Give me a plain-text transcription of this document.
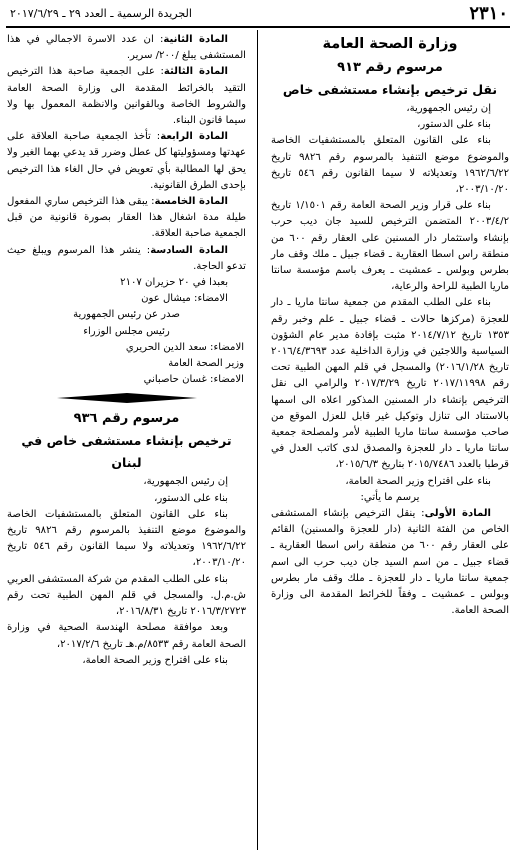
٢٣١٠
الجريدة الرسمية ـ العدد ٢٩ ـ ٢٠١٧/٦/٢٩

وزارة الصحة العامة

مرسوم رقم ٩١٣

نقل ترخيص بإنشاء مستشفى خاص

إن رئيس الجمهورية،

بناء على الدستور،

بناء على القانون المتعلق بالمستشفيات الخاصة والموضوع موضع التنفيذ بالمرسوم رقم ٩٨٢٦ تاريخ ١٩٦٢/٦/٢٢ وتعديلاته لا سيما القانون رقم ٥٤٦ تاريخ ٢٠٠٣/١٠/٢٠،

بناء على قرار وزير الصحة العامة رقم ١/١٥٠١ تاريخ ٢٠٠٣/٤/٢ المتضمن الترخيص للسيد جان ديب حرب بإنشاء واستثمار دار المسنين على العقار رقم ٦٠٠ من منطقة راس اسطا العقارية ـ قضاء جبيل ـ ملك وقف مار بطرس وبولس ـ عمشيت ـ يعرف باسم مؤسسة سانتا ماريا الطبية للراحة والرعاية،

بناء على الطلب المقدم من جمعية سانتا ماريا ـ دار للعجزة (مركزها حالات ـ قضاء جبيل ـ علم وخبر رقم ١٣٥٣ تاريخ ٢٠١٤/٧/١٢ مثبت بإفادة مدير عام الشؤون السياسية واللاجئين في وزارة الداخلية عدد ٢٠١٦/٤/٣٦٩٣ تاريخ ٢٠١٦/١/٢٨) والمسجل في قلم المهن الطبية تحت رقم ٢٠١٧/١١٩٩٨ تاريخ ٢٠١٧/٣/٢٩ والرامي الى نقل الترخيص بإنشاء دار المسنين المذكور اعلاه الى اسمها بالاستناد الى تنازل وتوكيل غير قابل للعزل الموقع من صاحب مؤسسة سانتا ماريا الطبية لأمر ولمصلحة جمعية سانتا ماريا ـ دار للعجزة والمصدق لدى كاتب العدل في قرطبا بالعدد ٢٠١٥/٧٤٨٦ بتاريخ ٢٠١٥/٦/٣،

بناء على اقتراح وزير الصحة العامة،

يرسم ما يأتي:

المادة الأولى: ينقل الترخيص بإنشاء المستشفى الخاص من الفئة الثانية (دار للعجزة والمسنين) القائم على العقار رقم ٦٠٠ من منطقة راس اسطا العقارية ـ قضاء جبيل ـ من اسم السيد جان ديب حرب الى اسم جمعية سانتا ماريا ـ دار للعجزة ـ ملك وقف مار بطرس وبولس ـ عمشيت ـ وفقاً للخرائط المقدمة الى وزارة الصحة العامة.

المادة الثانية: ان عدد الاسرة الاجمالي في هذا المستشفى يبلغ /٢٠٠/ سرير.

المادة الثالثة: على الجمعية صاحبة هذا الترخيص التقيد بالخرائط المقدمة الى وزارة الصحة العامة والشروط الخاصة وبالقوانين والانظمة المعمول بها ولا سيما قانون البناء.

المادة الرابعة: تأخذ الجمعية صاحبة العلاقة على عهدتها ومسؤوليتها كل عطل وضرر قد يدعي بهما الغير ولا يحق لها المطالبة بأي تعويض في حال الغاء هذا الترخيص بإحدى الطرق القانونية.

المادة الخامسة: يبقى هذا الترخيص ساري المفعول طيلة مدة اشغال هذا العقار بصورة قانونية من قبل الجمعية صاحبة العلاقة.

المادة السادسة: ينشر هذا المرسوم ويبلغ حيث تدعو الحاجة.

بعبدا في ٢٠ حزيران ٢١٠٧

الامضاء: ميشال عون

صدر عن رئيس الجمهورية

رئيس مجلس الوزراء

الامضاء: سعد الدين الحريري

وزير الصحة العامة

الامضاء: غسان حاصباني

مرسوم رقم ٩٣٦

ترخيص بإنشاء مستشفى خاص في لبنان

إن رئيس الجمهورية،

بناء على الدستور،

بناء على القانون المتعلق بالمستشفيات الخاصة والموضوع موضع التنفيذ بالمرسوم رقم ٩٨٢٦ تاريخ ١٩٦٢/٦/٢٢ وتعديلاته ولا سيما القانون رقم ٥٤٦ تاريخ ٢٠٠٣/١٠/٢٠،

بناء على الطلب المقدم من شركة المستشفى العربي ش.م.ل. والمسجل في قلم المهن الطبية تحت رقم ٢٠١٦/٣/٢٧٢٣ تاريخ ٢٠١٦/٨/٣١،

وبعد موافقة مصلحة الهندسة الصحية في وزارة الصحة العامة رقم ٨٥٣٣/م.هـ تاريخ ٢٠١٧/٢/٦،

بناء على اقتراح وزير الصحة العامة،
